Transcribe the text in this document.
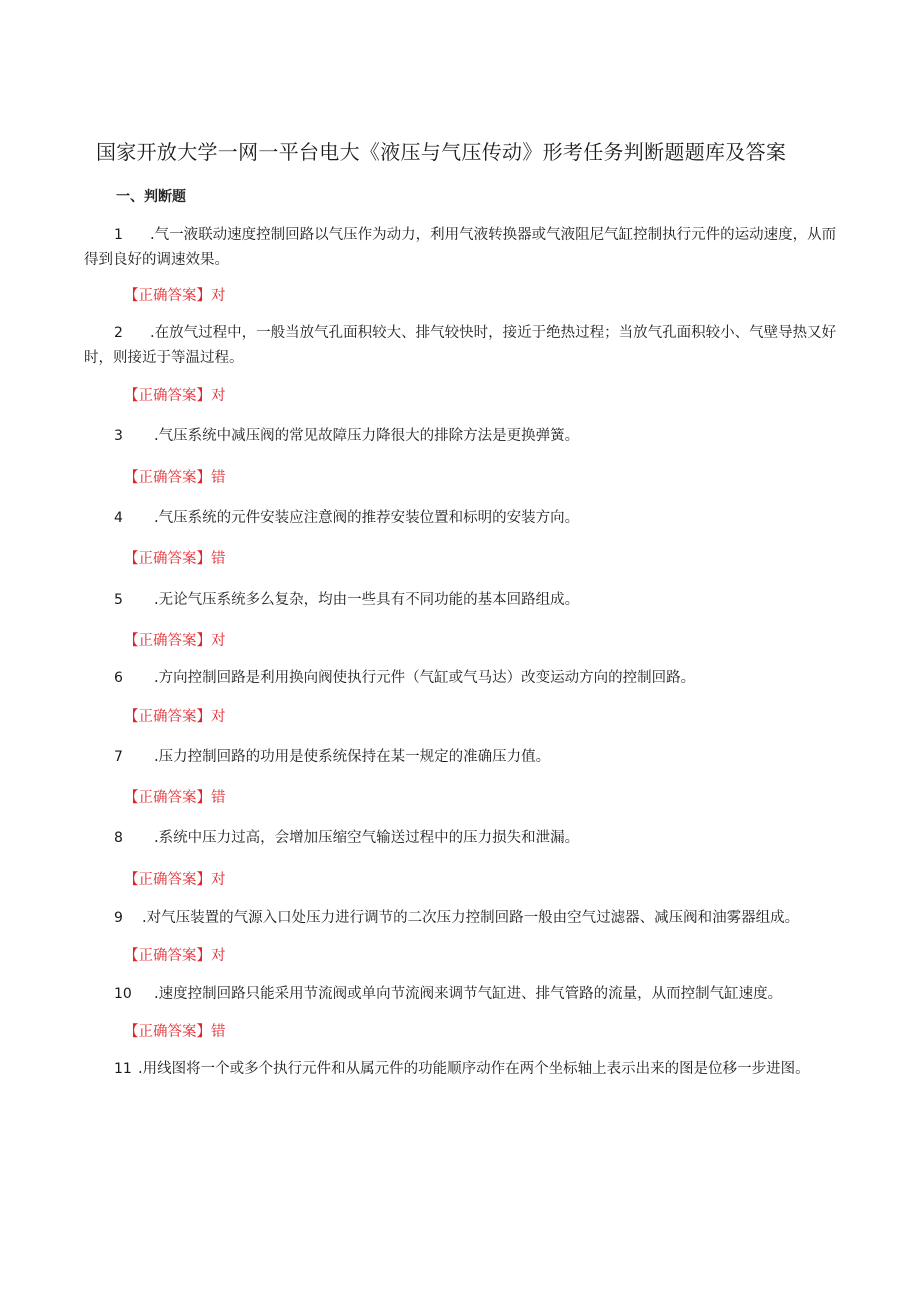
国家开放大学一网一平台电大《液压与气压传动》形考任务判断题题库及答案
一、判断题
1 .气一液联动速度控制回路以气压作为动力，利用气液转换器或气液阻尼气缸控制执行元件的运动速度，从而得到良好的调速效果。
【正确答案】对
2 .在放气过程中，一般当放气孔面积较大、排气较快时，接近于绝热过程；当放气孔面积较小、气壁导热又好时，则接近于等温过程。
【正确答案】对
3 .气压系统中减压阀的常见故障压力降很大的排除方法是更换弹簧。
【正确答案】错
4 .气压系统的元件安装应注意阀的推荐安装位置和标明的安装方向。
【正确答案】错
5 .无论气压系统多么复杂，均由一些具有不同功能的基本回路组成。
【正确答案】对
6 .方向控制回路是利用换向阀使执行元件（气缸或气马达）改变运动方向的控制回路。
【正确答案】对
7 .压力控制回路的功用是使系统保持在某一规定的准确压力值。
【正确答案】错
8 .系统中压力过高，会增加压缩空气输送过程中的压力损失和泄漏。
【正确答案】对
9 .对气压装置的气源入口处压力进行调节的二次压力控制回路一般由空气过滤器、减压阀和油雾器组成。
【正确答案】对
10 .速度控制回路只能采用节流阀或单向节流阀来调节气缸进、排气管路的流量，从而控制气缸速度。
【正确答案】错
11 .用线图将一个或多个执行元件和从属元件的功能顺序动作在两个坐标轴上表示出来的图是位移一步进图。
